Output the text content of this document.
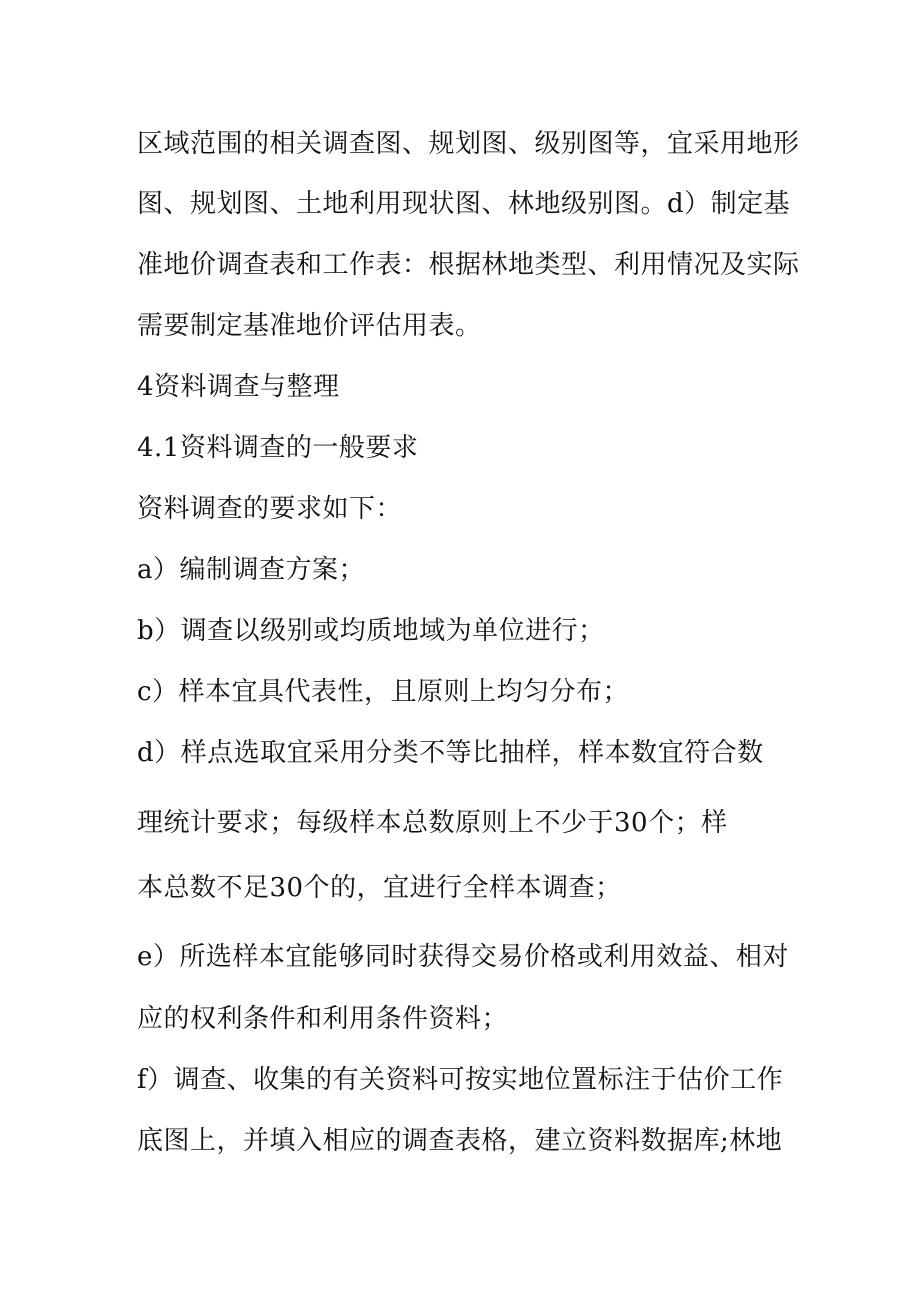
区域范围的相关调查图、规划图、级别图等，宜采用地形
图、规划图、土地利用现状图、林地级别图。d）制定基
准地价调查表和工作表：根据林地类型、利用情况及实际
需要制定基准地价评估用表。
4资料调查与整理
4.1资料调查的一般要求
资料调查的要求如下：
a）编制调查方案；
b）调查以级别或均质地域为单位进行；
c）样本宜具代表性，且原则上均匀分布；
d）样点选取宜采用分类不等比抽样，样本数宜符合数
理统计要求；每级样本总数原则上不少于30个；样
本总数不足30个的，宜进行全样本调查；
e）所选样本宜能够同时获得交易价格或利用效益、相对
应的权利条件和利用条件资料；
f）调查、收集的有关资料可按实地位置标注于估价工作
底图上，并填入相应的调查表格，建立资料数据库;林地
